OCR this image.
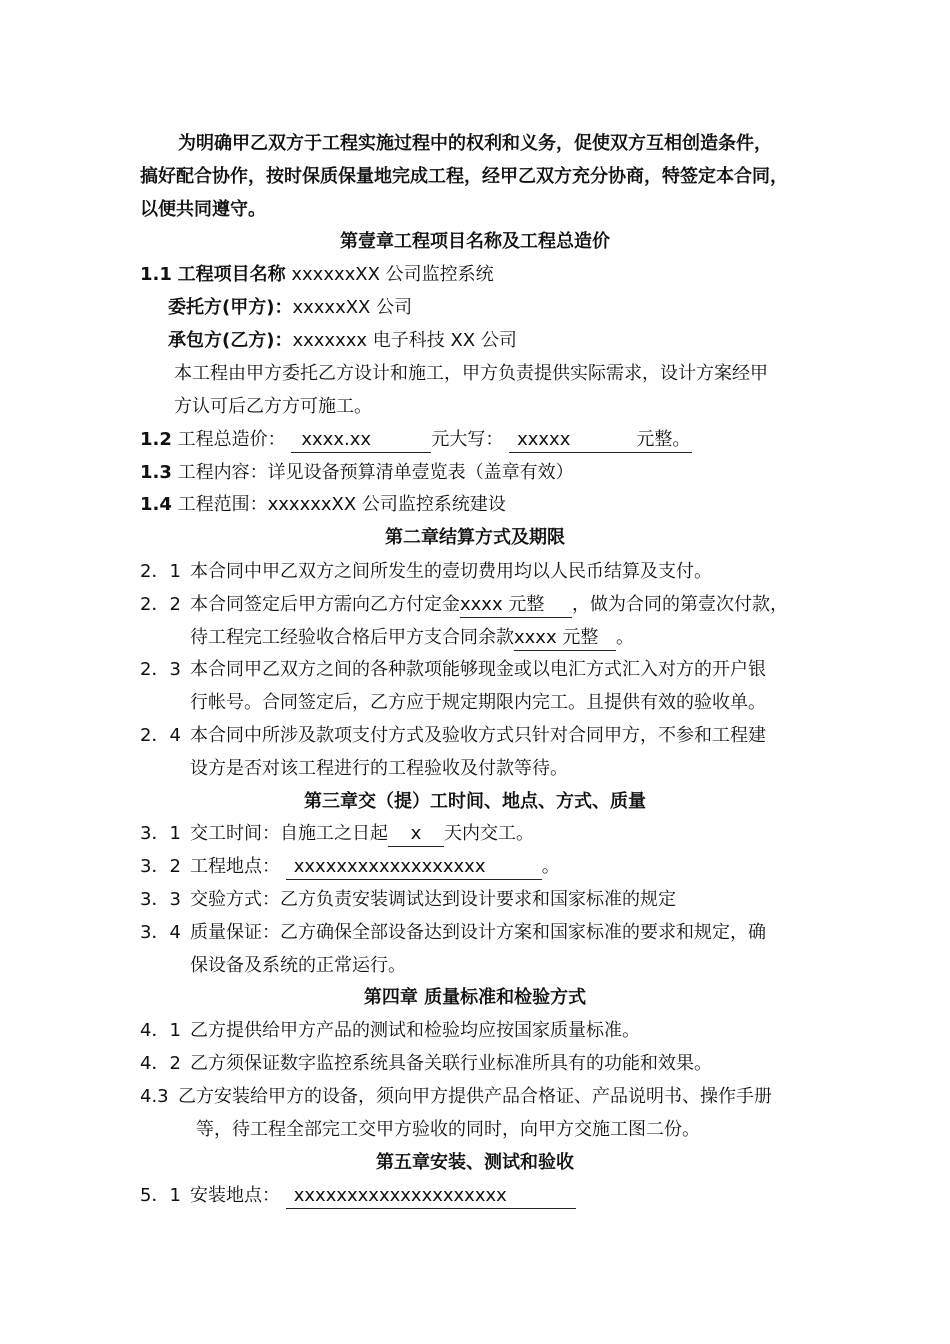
为明确甲乙双方于工程实施过程中的权利和义务，促使双方互相创造条件，
搞好配合协作，按时保质保量地完成工程，经甲乙双方充分协商，特签定本合同，
以便共同遵守。
第壹章工程项目名称及工程总造价
1.1 工程项目名称 xxxxxxXX 公司监控系统
委托方(甲方)：xxxxxXX 公司
承包方(乙方)：xxxxxxx 电子科技 XX 公司
本工程由甲方委托乙方设计和施工，甲方负责提供实际需求，设计方案经甲
方认可后乙方方可施工。
1.2 工程总造价： xxxx.xx	元大写： xxxxx	元整。
1.3 工程内容：详见设备预算清单壹览表（盖章有效）
1.4 工程范围：xxxxxxXX 公司监控系统建设
第二章结算方式及期限
2．1 本合同中甲乙双方之间所发生的壹切费用均以人民币结算及支付。
2．2 本合同签定后甲方需向乙方付定金xxxx 元整 ，做为合同的第壹次付款，
待工程完工经验收合格后甲方支合同余款xxxx 元整 。
2．3 本合同甲乙双方之间的各种款项能够现金或以电汇方式汇入对方的开户银
行帐号。合同签定后，乙方应于规定期限内完工。且提供有效的验收单。
2．4 本合同中所涉及款项支付方式及验收方式只针对合同甲方，不参和工程建
设方是否对该工程进行的工程验收及付款等待。
第三章交（提）工时间、地点、方式、质量
3．1 交工时间：自施工之日起 x 天内交工。
3．2 工程地点： xxxxxxxxxxxxxxxxxx	。
3．3 交验方式：乙方负责安装调试达到设计要求和国家标准的规定
3．4 质量保证：乙方确保全部设备达到设计方案和国家标准的要求和规定，确
保设备及系统的正常运行。
第四章 质量标准和检验方式
4．1 乙方提供给甲方产品的测试和检验均应按国家质量标准。
4．2 乙方须保证数字监控系统具备关联行业标准所具有的功能和效果。
4.3 乙方安装给甲方的设备，须向甲方提供产品合格证、产品说明书、操作手册
等，待工程全部完工交甲方验收的同时，向甲方交施工图二份。
第五章安装、测试和验收
5．1 安装地点： xxxxxxxxxxxxxxxxxxxx
